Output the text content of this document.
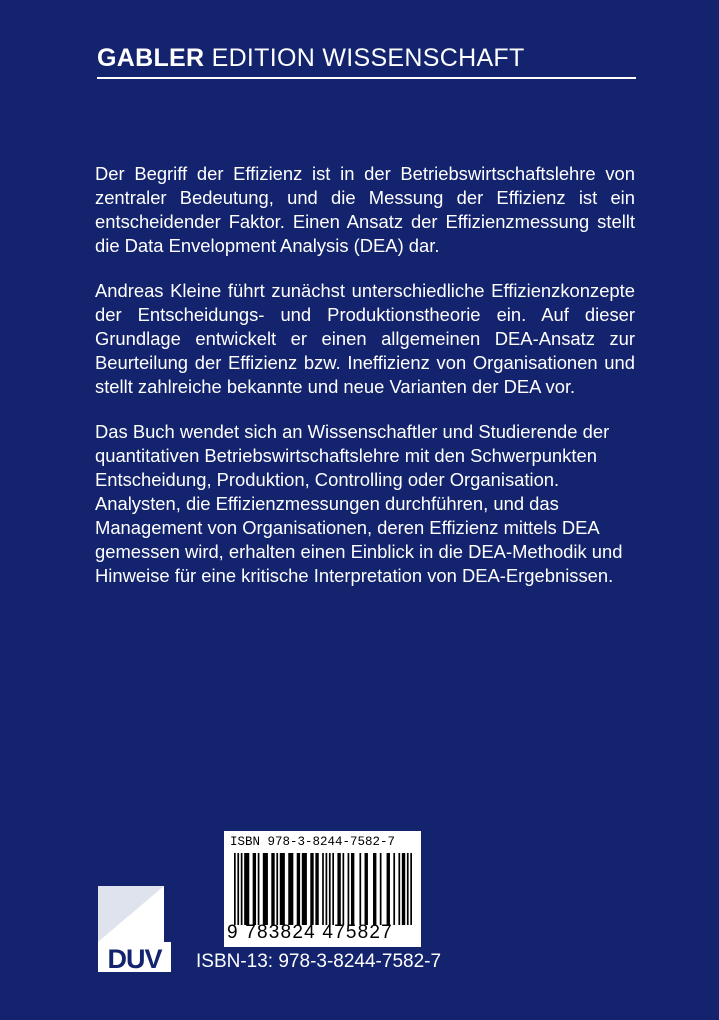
GABLER EDITION WISSENSCHAFT

Der Begriff der Effizienz ist in der Betriebswirtschaftslehre von zentraler Bedeutung, und die Messung der Effizienz ist ein entscheidender Faktor. Einen Ansatz der Effizienzmessung stellt die Data Envelopment Analysis (DEA) dar.

Andreas Kleine führt zunächst unterschiedliche Effizienzkonzepte der Entscheidungs- und Produktionstheorie ein. Auf dieser Grundlage entwickelt er einen allgemeinen DEA-Ansatz zur Beurteilung der Effizienz bzw. Ineffizienz von Organisationen und stellt zahlreiche bekannte und neue Varianten der DEA vor.

Das Buch wendet sich an Wissenschaftler und Studierende der quantitativen Betriebswirtschaftslehre mit den Schwerpunkten Entscheidung, Produktion, Controlling oder Organisation. Analysten, die Effizienzmessungen durchführen, und das Management von Organisationen, deren Effizienz mittels DEA gemessen wird, erhalten einen Einblick in die DEA-Methodik und Hinweise für eine kritische Interpretation von DEA-Ergebnissen.

ISBN 978-3-8244-7582-7
9 783824 475827
DUV ISBN-13: 978-3-8244-7582-7
